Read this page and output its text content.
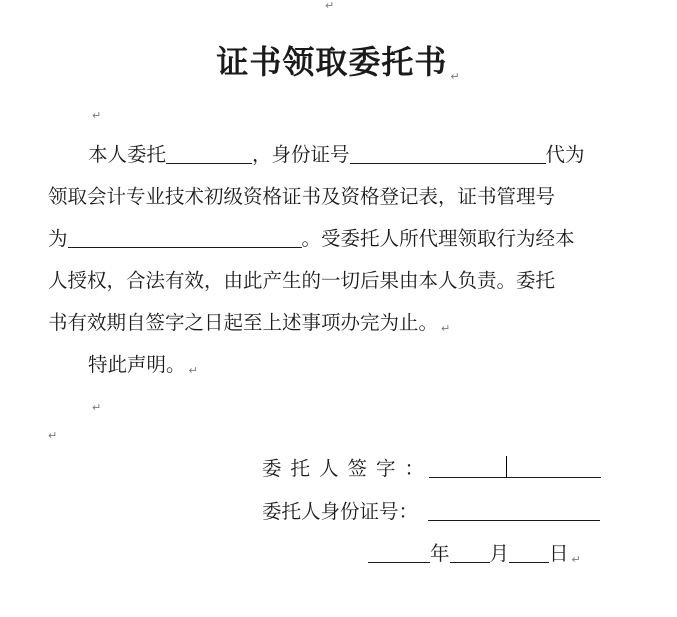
↵
证书领取委托书 ↵
↵
本人委托	，身份证号	代为
领取会计专业技术初级资格证书及资格登记表，证书管理号
为	。受委托人所代理领取行为经本
人授权，合法有效，由此产生的一切后果由本人负责。委托
书有效期自签字之日起至上述事项办完为止。 ↵
特此声明。 ↵
↵
↵
委托人签字：
委托人身份证号：
年 月 日 ↵
